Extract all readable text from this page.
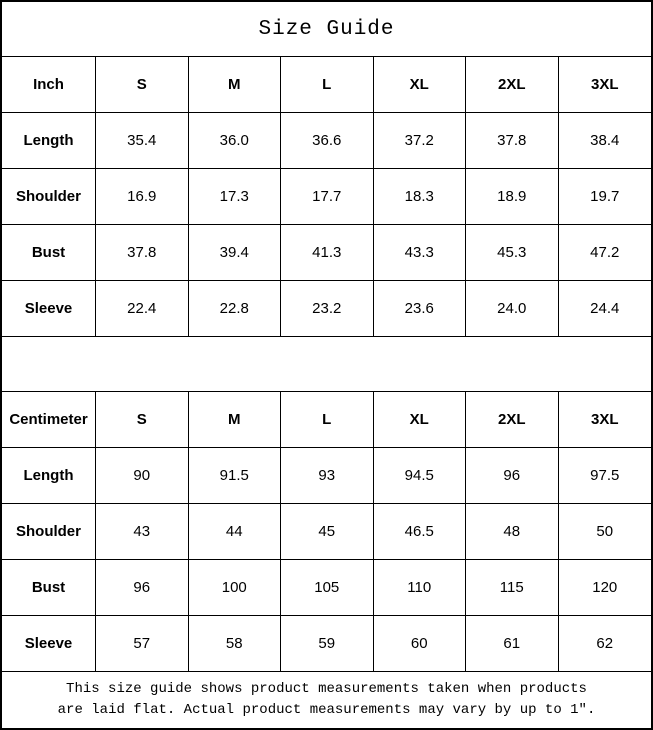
Size Guide
Inch	S	M	L	XL	2XL	3XL
Length	35.4	36.0	36.6	37.2	37.8	38.4
Shoulder	16.9	17.3	17.7	18.3	18.9	19.7
Bust	37.8	39.4	41.3	43.3	45.3	47.2
Sleeve	22.4	22.8	23.2	23.6	24.0	24.4
Centimeter	S	M	L	XL	2XL	3XL
Length	90	91.5	93	94.5	96	97.5
Shoulder	43	44	45	46.5	48	50
Bust	96	100	105	110	115	120
Sleeve	57	58	59	60	61	62
This size guide shows product measurements taken when products
are laid flat. Actual product measurements may vary by up to 1″.
